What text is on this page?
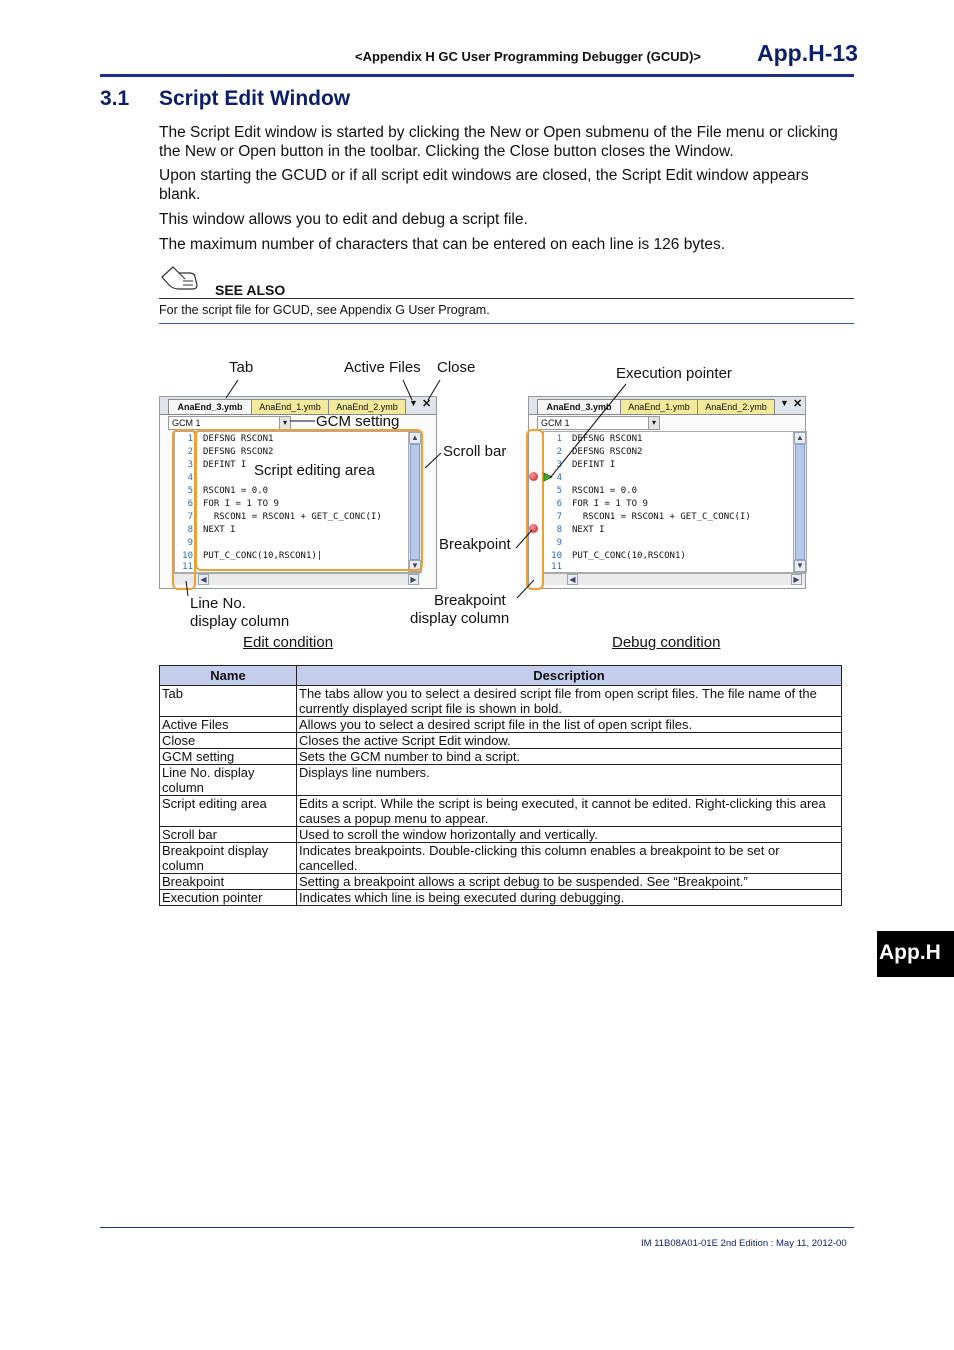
<Appendix H GC User Programming Debugger (GCUD)> App.H-13
3.1 Script Edit Window
The Script Edit window is started by clicking the New or Open submenu of the File menu or clicking the New or Open button in the toolbar. Clicking the Close button closes the Window.
Upon starting the GCUD or if all script edit windows are closed, the Script Edit window appears blank.
This window allows you to edit and debug a script file.
The maximum number of characters that can be entered on each line is 126 bytes.
SEE ALSO
For the script file for GCUD, see Appendix G User Program.
AnaEnd_3.ymb	AnaEnd_1.ymb	AnaEnd_2.ymb	▼ ✕
GCM 1	▾
1
2
3
4
5
6
7
8
9
10
11
DEFSNG RSCON1
DEFSNG RSCON2
DEFINT I
RSCON1 = 0.0
FOR I = 1 TO 9
RSCON1 = RSCON1 + GET_C_CONC(I)
NEXT I
PUT_C_CONC(10,RSCON1)|
▲
▼
◀	▶
AnaEnd_3.ymb	AnaEnd_1.ymb	AnaEnd_2.ymb	▼ ✕
GCM 1	▾
1
2
3
4
5
6
7
8
9
10
11
DEFSNG RSCON1
DEFSNG RSCON2
DEFINT I
RSCON1 = 0.0
FOR I = 1 TO 9
RSCON1 = RSCON1 + GET_C_CONC(I)
NEXT I
PUT_C_CONC(10,RSCON1)
▲
▼
◀	▶
Tab	Active Files Close
GCM setting
Script editing area
Scroll bar
Line No.
display column
Execution pointer
Breakpoint
Breakpoint
display column
Edit condition	Debug condition
Name	Description
Tab	The tabs allow you to select a desired script file from open script files. The file name of the currently displayed script file is shown in bold.
Active Files	Allows you to select a desired script file in the list of open script files.
Close	Closes the active Script Edit window.
GCM setting	Sets the GCM number to bind a script.
Line No. display column	Displays line numbers.
Script editing area	Edits a script. While the script is being executed, it cannot be edited. Right-clicking this area causes a popup menu to appear.
Scroll bar	Used to scroll the window horizontally and vertically.
Breakpoint display column	Indicates breakpoints. Double-clicking this column enables a breakpoint to be set or cancelled.
Breakpoint	Setting a breakpoint allows a script debug to be suspended. See “Breakpoint.”
Execution pointer	Indicates which line is being executed during debugging.
App.H
IM 11B08A01-01E 2nd Edition : May 11, 2012-00
